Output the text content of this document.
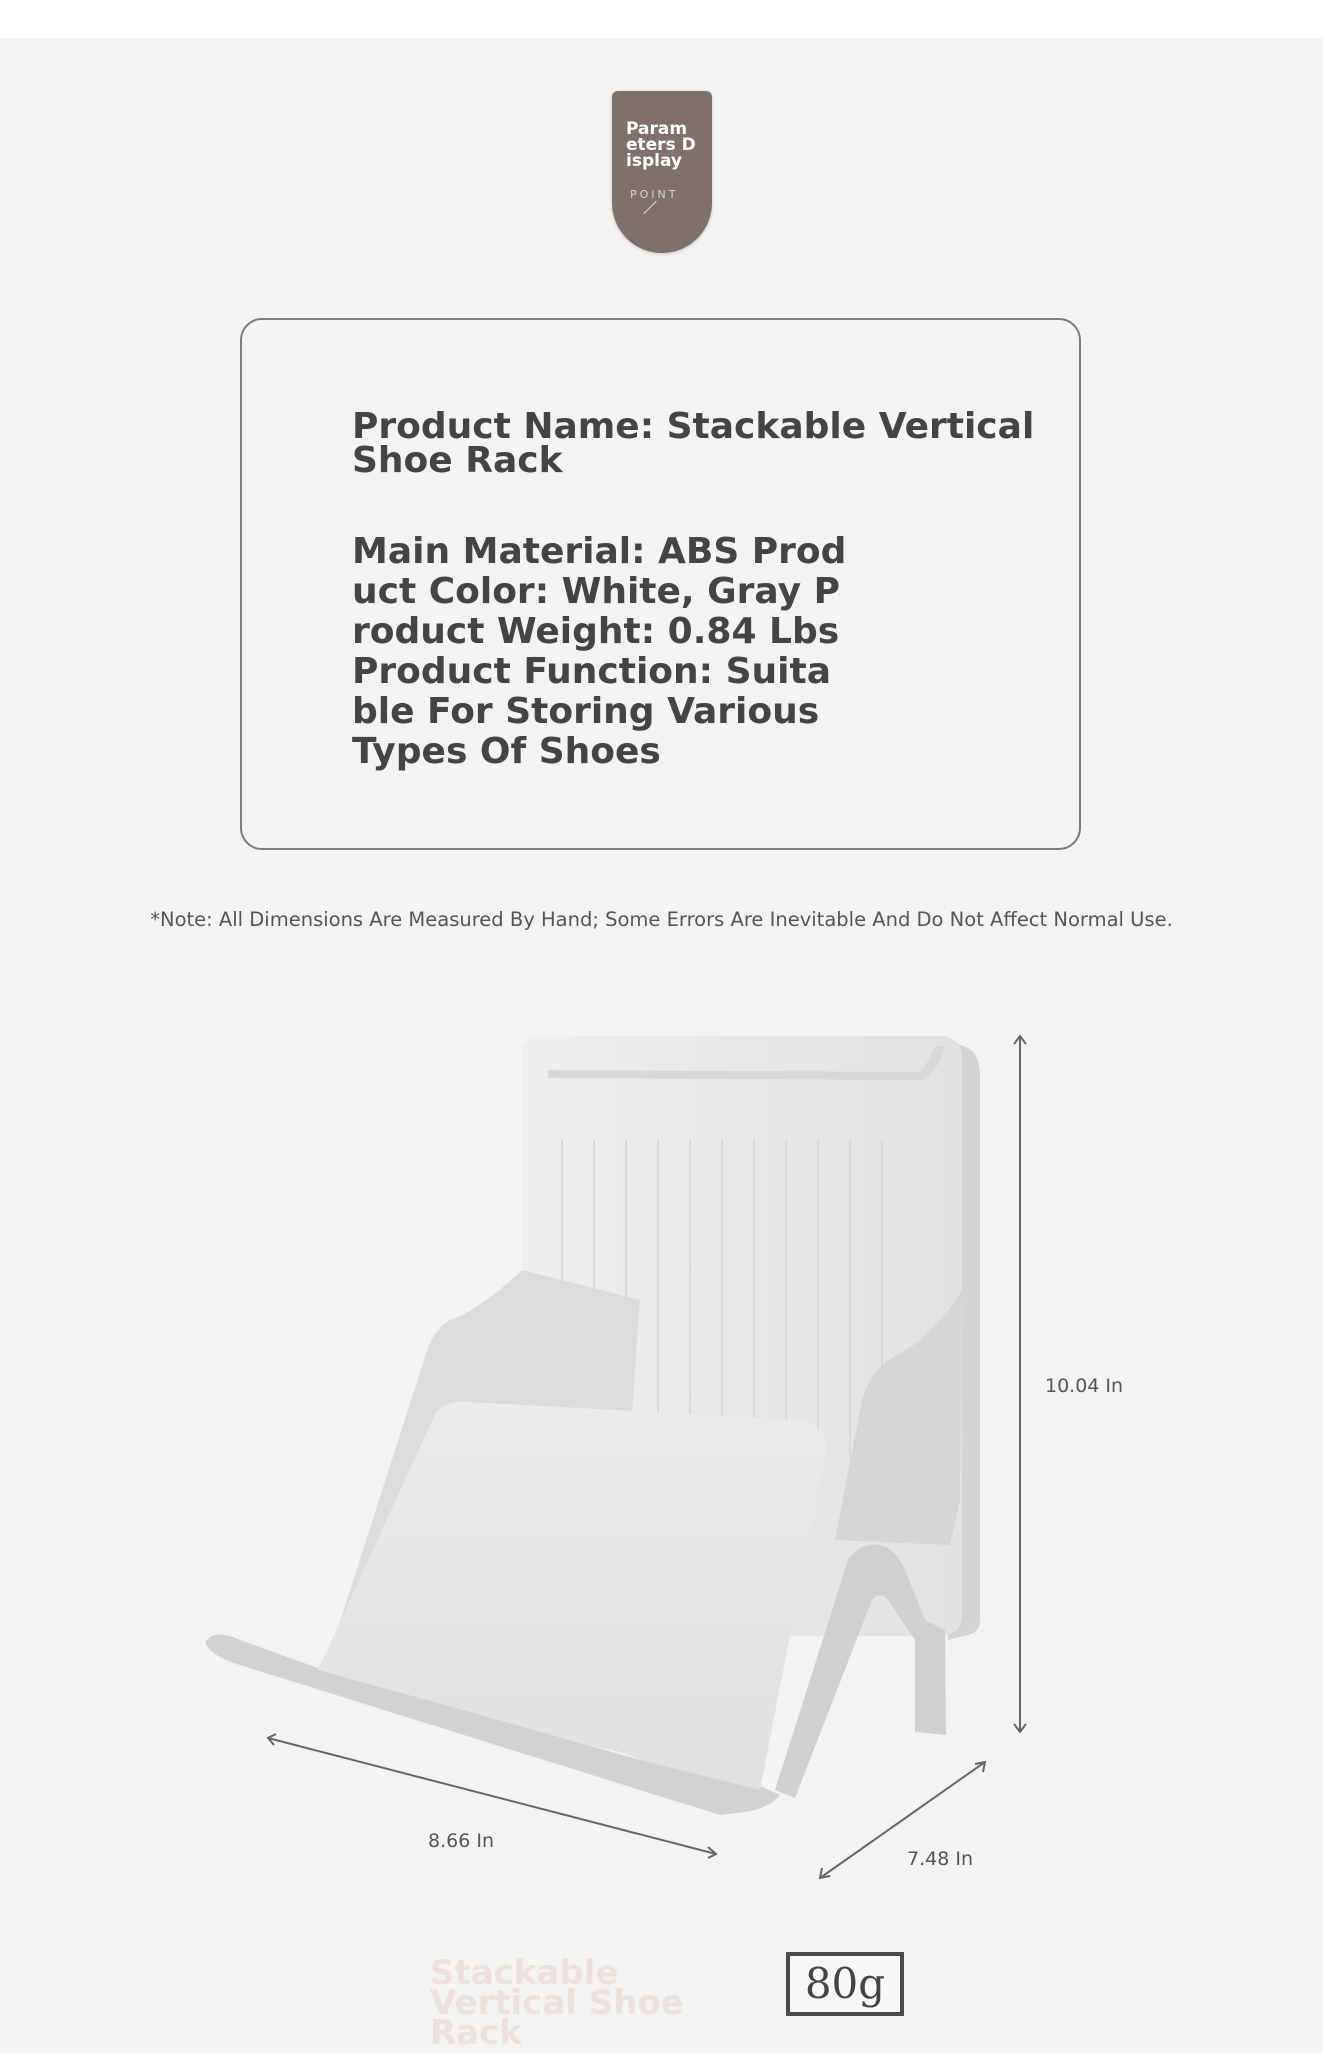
Param
eters D
isplay
POINT
Product Name: Stackable Vertical Shoe Rack
Main Material: ABS Product Color: White, Gray Product Weight: 0.84 Lbs Product Function: Suitable For Storing Various Types Of Shoes
*Note: All Dimensions Are Measured By Hand; Some Errors Are Inevitable And Do Not Affect Normal Use.
10.04 In
8.66 In
7.48 In
Stackable Vertical Shoe Rack
80g
